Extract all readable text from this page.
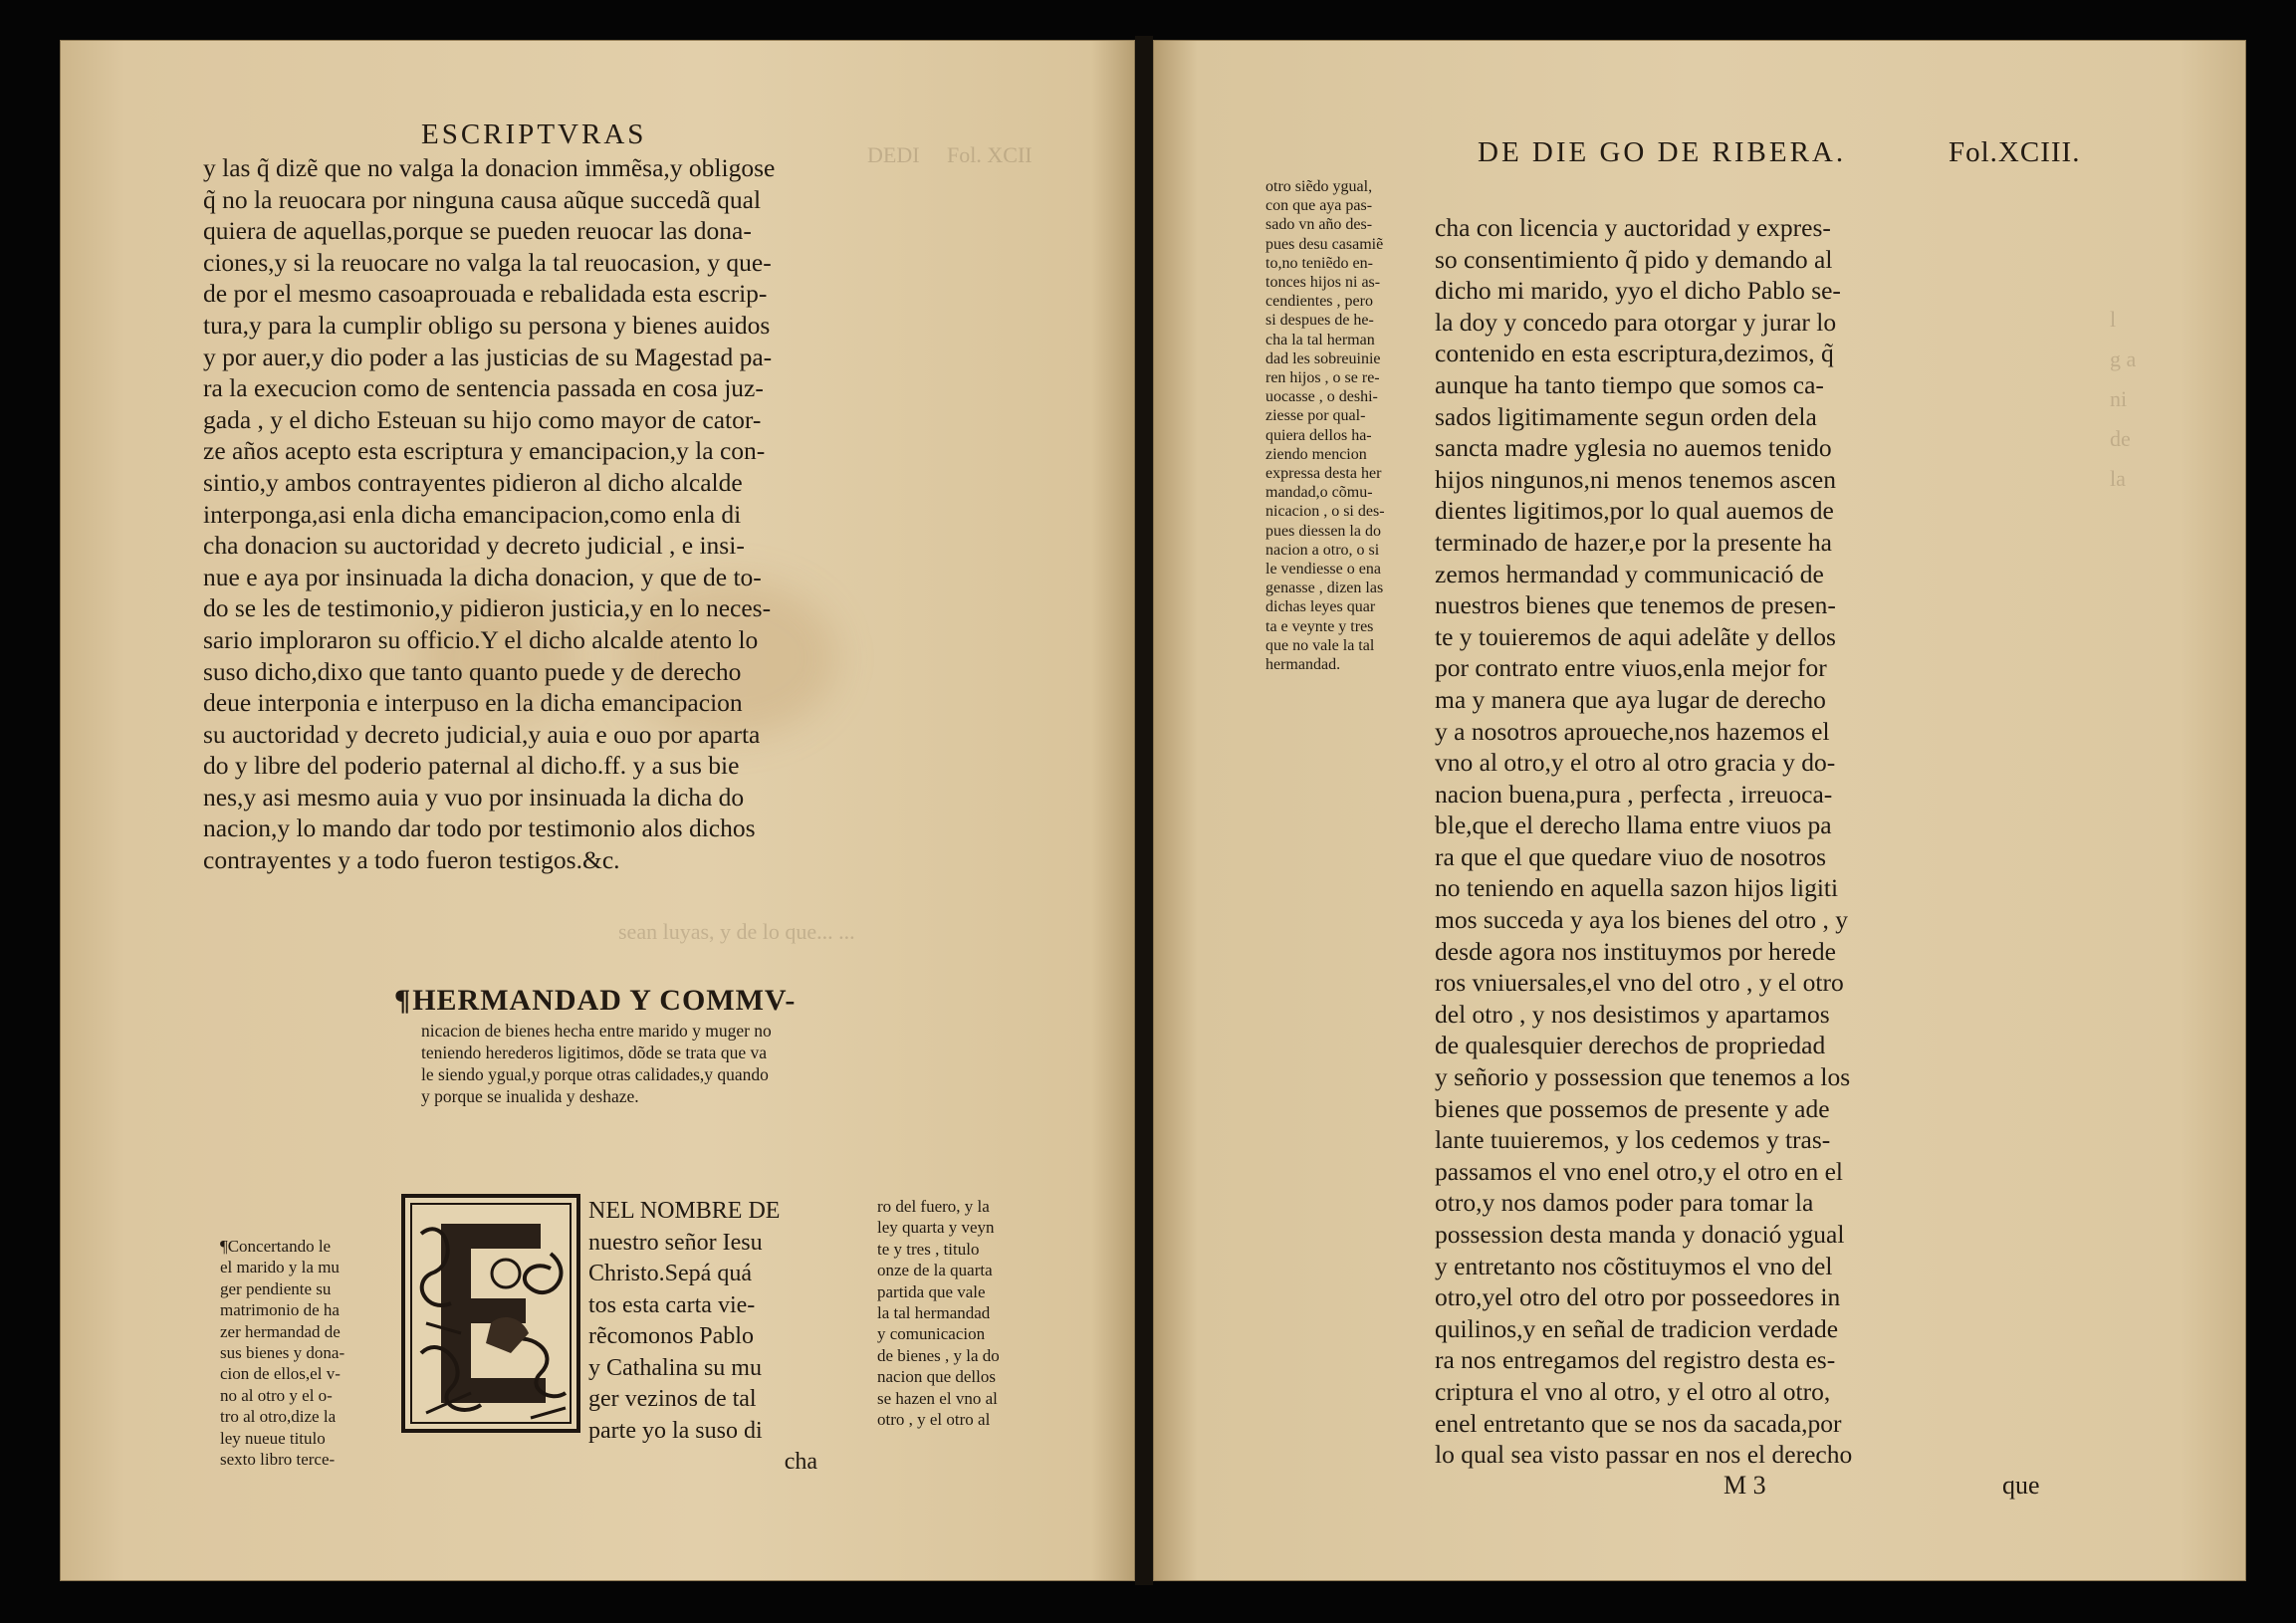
DEDI     Fol. XCII
ESCRIPTVRAS
y las q̃ dizẽ que no valga la donacion immẽsa,y obligose
q̃ no la reuocara por ninguna causa aũque succedã qual
quiera de aquellas,porque se pueden reuocar las dona-
ciones,y si la reuocare no valga la tal reuocasion, y que-
de por el mesmo casoaprouada e rebalidada esta escrip-
tura,y para la cumplir obligo su persona y bienes auidos
y por auer,y dio poder a las justicias de su Magestad pa-
ra la execucion como de sentencia passada en cosa juz-
gada , y el dicho Esteuan su hijo como mayor de cator-
ze años acepto esta escriptura y emancipacion,y la con-
sintio,y ambos contrayentes pidieron al dicho alcalde
interponga,asi enla dicha emancipacion,como enla di
cha donacion su auctoridad y decreto judicial , e insi-
nue e aya por insinuada la dicha donacion, y que de to-
do se les de testimonio,y pidieron justicia,y en lo neces-
sario imploraron su officio.Y el dicho alcalde atento lo
suso dicho,dixo que tanto quanto puede y de derecho
deue interponia e interpuso en la dicha emancipacion
su auctoridad y decreto judicial,y auia e ouo por aparta
do y libre del poderio paternal al dicho.ff. y a sus bie
nes,y asi mesmo auia y vuo por insinuada la dicha do
nacion,y lo mando dar todo por testimonio alos dichos
contrayentes y a todo fueron testigos.&c.
sean luyas, y de lo que... ...
¶HERMANDAD Y COMMV-
nicacion de bienes hecha entre marido y muger no
teniendo herederos ligitimos, dõde se trata que va
le siendo ygual,y porque otras calidades,y quando
y porque se inualida y deshaze.
¶Concertando le
el marido y la mu
ger pendiente su
matrimonio de ha
zer hermandad de
sus bienes y dona-
cion de ellos,el v-
no al otro y el o-
tro al otro,dize la
ley nueue titulo
sexto libro terce-
NEL NOMBRE DE
nuestro señor Iesu
Christo.Sepá quá
tos esta carta vie-
rẽcomonos Pablo
y Cathalina su mu
ger vezinos de tal
parte yo la suso di
cha
ro del fuero, y la
ley quarta y veyn
te y tres , titulo
onze de la quarta
partida que vale
la tal hermandad
y comunicacion
de bienes , y la do
nacion que dellos
se hazen el vno al
otro , y el otro al
DE DIE GO DE RIBERA.	Fol.XCIII.
otro siẽdo ygual,
con que aya pas-
sado vn año des-
pues desu casamiẽ
to,no teniẽdo en-
tonces hijos ni as-
cendientes , pero
si despues de he-
cha la tal herman
dad les sobreuinie
ren hijos , o se re-
uocasse , o deshi-
ziesse por qual-
quiera dellos ha-
ziendo mencion
expressa desta her
mandad,o cõmu-
nicacion , o si des-
pues diessen la do
nacion a otro, o si
le vendiesse o ena
genasse , dizen las
dichas leyes quar
ta e veynte y tres
que no vale la tal
hermandad.
cha con licencia y auctoridad y expres-
so consentimiento q̃ pido y demando al
dicho mi marido, yyo el dicho Pablo se-
la doy y concedo para otorgar y jurar lo
contenido en esta escriptura,dezimos, q̃
aunque ha tanto tiempo que somos ca-
sados ligitimamente segun orden dela
sancta madre yglesia no auemos tenido
hijos ningunos,ni menos tenemos ascen
dientes ligitimos,por lo qual auemos de
terminado de hazer,e por la presente ha
zemos hermandad y communicació de
nuestros bienes que tenemos de presen-
te y touieremos de aqui adelãte y dellos
por contrato entre viuos,enla mejor for
ma y manera que aya lugar de derecho
y a nosotros aproueche,nos hazemos el
vno al otro,y el otro al otro gracia y do-
nacion buena,pura , perfecta , irreuoca-
ble,que el derecho llama entre viuos pa
ra que el que quedare viuo de nosotros
no teniendo en aquella sazon hijos ligiti
mos succeda y aya los bienes del otro , y
desde agora nos instituymos por herede
ros vniuersales,el vno del otro , y el otro
del otro , y nos desistimos y apartamos
de qualesquier derechos de propriedad
y señorio y possession que tenemos a los
bienes que possemos de presente y ade
lante tuuieremos, y los cedemos y tras-
passamos el vno enel otro,y el otro en el
otro,y nos damos poder para tomar la
possession desta manda y donació ygual
y entretanto nos cõstituymos el vno del
otro,yel otro del otro por posseedores in
quilinos,y en señal de tradicion verdade
ra nos entregamos del registro desta es-
criptura el vno al otro, y el otro al otro,
enel entretanto que se nos da sacada,por
lo qual sea visto passar en nos el derecho
l
g a
ni
de
la
M 3	que
